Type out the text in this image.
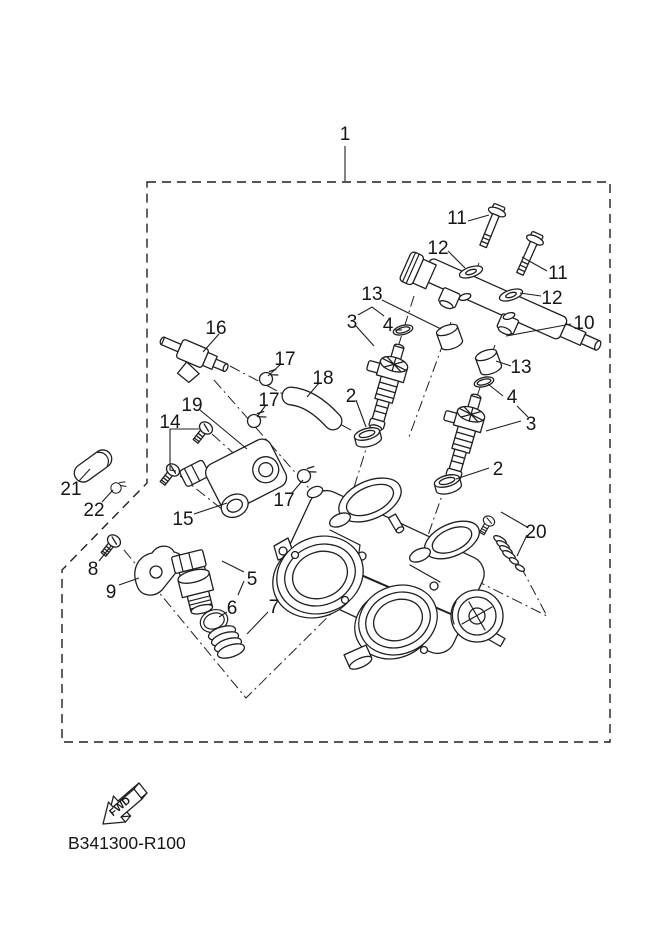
1
11
12
11
12
13
10
3 4
13
4
3
2
2
16
17
18
17
19
14
15
17
21
22
8
9
5
6 7
20
FWD
B341300-R100
